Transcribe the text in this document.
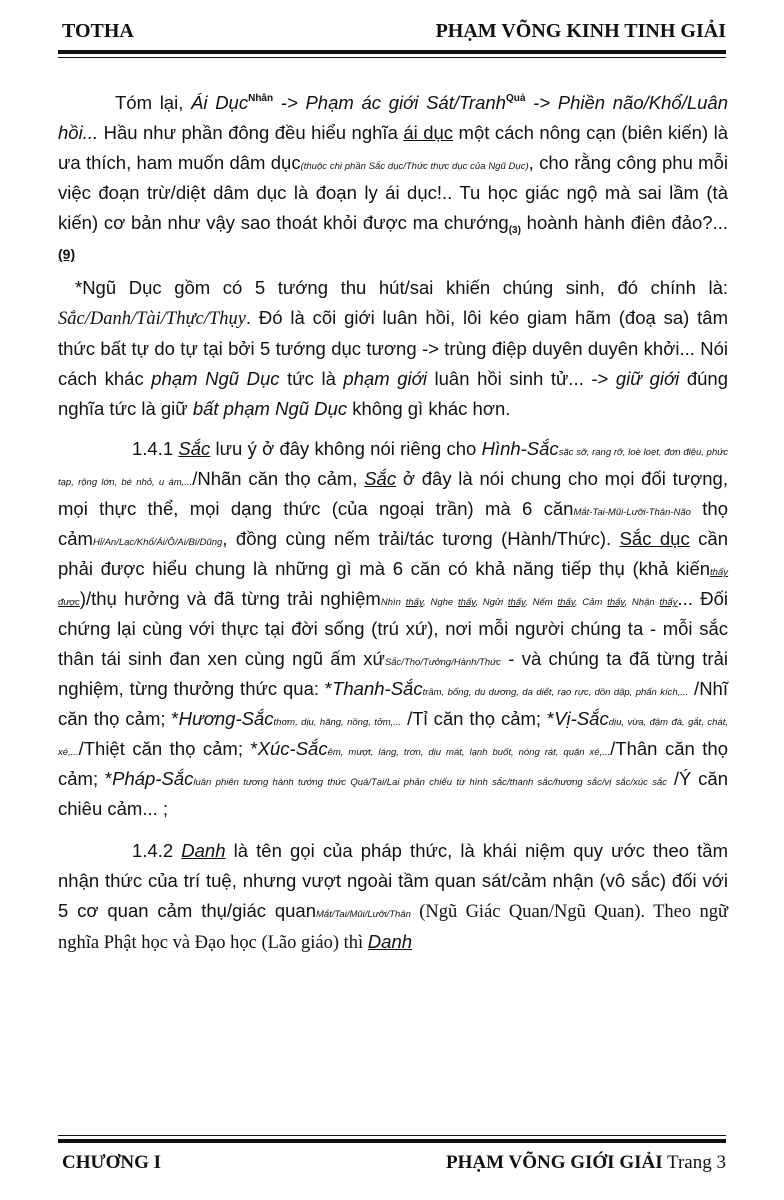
TOTHA	PHẠM VÕNG KINH TINH GIẢI

Tóm lại, Ái Dục$^{Nhân}$ -> Phạm ác giới Sát/Tranh$^{Quả}$ -> Phiền não/Khổ/Luân hồi... Hầu như phần đông đều hiểu nghĩa ái dục một cách nông cạn (biên kiến) là ưa thích, ham muốn dâm dục(thuộc chi phần Sắc dục/Thức thực dục của Ngũ Dục), cho rằng công phu mỗi việc đoạn trừ/diệt dâm dục là đoạn ly ái dục!.. Tu học giác ngộ mà sai lầm (tà kiến) cơ bản như vậy sao thoát khỏi được ma chướng$_{(3)}$ hoành hành điên đảo?... (9)

*Ngũ Dục gồm có 5 tướng thu hút/sai khiến chúng sinh, đó chính là: Sắc/Danh/Tài/Thực/Thụy. Đó là cõi giới luân hồi, lôi kéo giam hãm (đoạ sa) tâm thức bất tự do tự tại bởi 5 tướng dục tương -> trùng điệp duyên duyên khởi... Nói cách khác phạm Ngũ Dục tức là phạm giới luân hồi sinh tử... -> giữ giới đúng nghĩa tức là giữ bất phạm Ngũ Dục không gì khác hơn.

1.4.1 Sắc lưu ý ở đây không nói riêng cho Hình-Sắcsặc sỡ, rạng rỡ, loè loẹt, đơn điệu, phức tạp, rộng lớn, bé nhỏ, u ám,.../Nhãn căn thọ cảm, Sắc ở đây là nói chung cho mọi đối tượng, mọi thực thể, mọi dạng thức (của ngoại trần) mà 6 cănMắt-Tai-Mũi-Lưỡi-Thân-Não thọ cảmHỉ/An/Lạc/Khổ/Ái/Ô/Ai/Bi/Dũng, đồng cùng nếm trải/tác tương (Hành/Thức). Sắc dục cần phải được hiểu chung là những gì mà 6 căn có khả năng tiếp thụ (khả kiếnthấy được)/thụ hưởng và đã từng trải nghiệmNhìn thấy, Nghe thấy, Ngửi thấy, Nếm thấy, Cảm thấy, Nhận thấy... Đối chứng lại cùng với thực tại đời sống (trú xứ), nơi mỗi người chúng ta - mỗi sắc thân tái sinh đan xen cùng ngũ ấm xứSắc/Thọ/Tưởng/Hành/Thức - và chúng ta đã từng trải nghiệm, từng thưởng thức qua: *Thanh-Sắctrầm, bổng, du dương, da diết, rạo rực, dồn dập, phấn kích,... /Nhĩ căn thọ cảm; *Hương-Sắcthơm, dịu, hăng, nồng, tởm,... /Tỉ căn thọ cảm; *Vị-Sắcdịu, vừa, đậm đà, gắt, chát, xé,.../Thiệt căn thọ cảm; *Xúc-Sắcêm, mượt, láng, trơn, dịu mát, lạnh buốt, nóng rát, quặn xé,.../Thân căn thọ cảm; *Pháp-Sắcluân phiên tương hành tướng thức Quá/Tại/Lai phản chiếu từ hình sắc/thanh sắc/hương sắc/vị sắc/xúc sắc /Ý căn chiêu cảm... ;

1.4.2 Danh là tên gọi của pháp thức, là khái niệm quy ước theo tầm nhận thức của trí tuệ, nhưng vượt ngoài tầm quan sát/cảm nhận (vô sắc) đối với 5 cơ quan cảm thụ/giác quanMắt/Tai/Mũi/Lưỡi/Thân (Ngũ Giác Quan/Ngũ Quan). Theo ngữ nghĩa Phật học và Đạo học (Lão giáo) thì Danh

CHƯƠNG I	PHẠM VÕNG GIỚI GIẢI Trang 3
